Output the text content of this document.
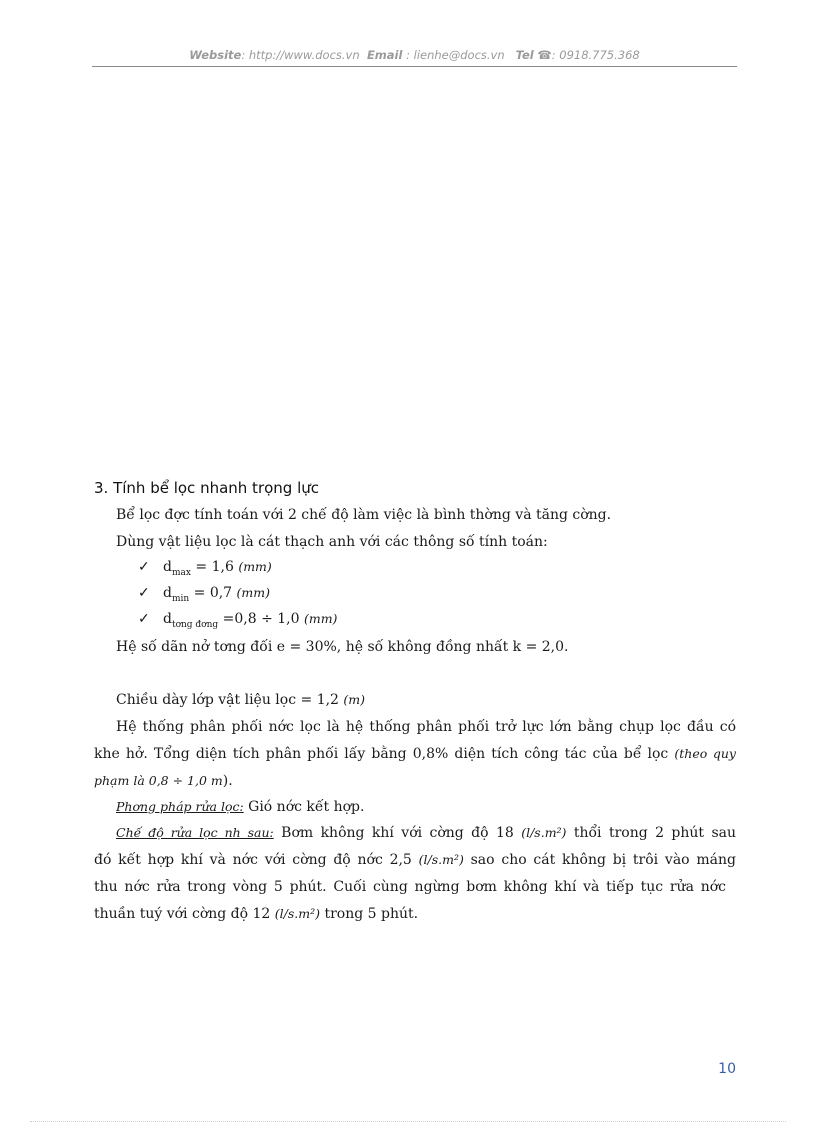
Website: http://www.docs.vn Email : lienhe@docs.vn Tel ☎: 0918.775.368
3. Tính bể lọc nhanh trọng lực
Bể lọc đợc tính toán với 2 chế độ làm việc là bình thờng và tăng cờng.
Dùng vật liệu lọc là cát thạch anh với các thông số tính toán:
✓ $d_{max} = 1,6$ (mm)
✓ $d_{min} = 0,7$ (mm)
✓ $d_{tơng đơng} =0,8 \div 1,0$ (mm)
Hệ số dãn nở tơng đối e = 30%, hệ số không đồng nhất k = 2,0.
Chiều dày lớp vật liệu lọc = 1,2 (m)
Hệ thống phân phối nớc lọc là hệ thống phân phối trở lực lớn bằng chụp lọc đầu có
khe hở. Tổng diện tích phân phối lấy bằng 0,8% diện tích công tác của bể lọc (theo quy
phạm là 0,8 ÷ 1,0 m).
Phơng pháp rửa lọc: Gió nớc kết hợp.
Chế độ rửa lọc nh sau: Bơm không khí với cờng độ 18 (l/s.m²) thổi trong 2 phút sau
đó kết hợp khí và nớc với cờng độ nớc 2,5 (l/s.m²) sao cho cát không bị trôi vào máng
thu nớc rửa trong vòng 5 phút. Cuối cùng ngừng bơm không khí và tiếp tục rửa nớc
thuần tuý với cờng độ 12 (l/s.m²) trong 5 phút.
10
